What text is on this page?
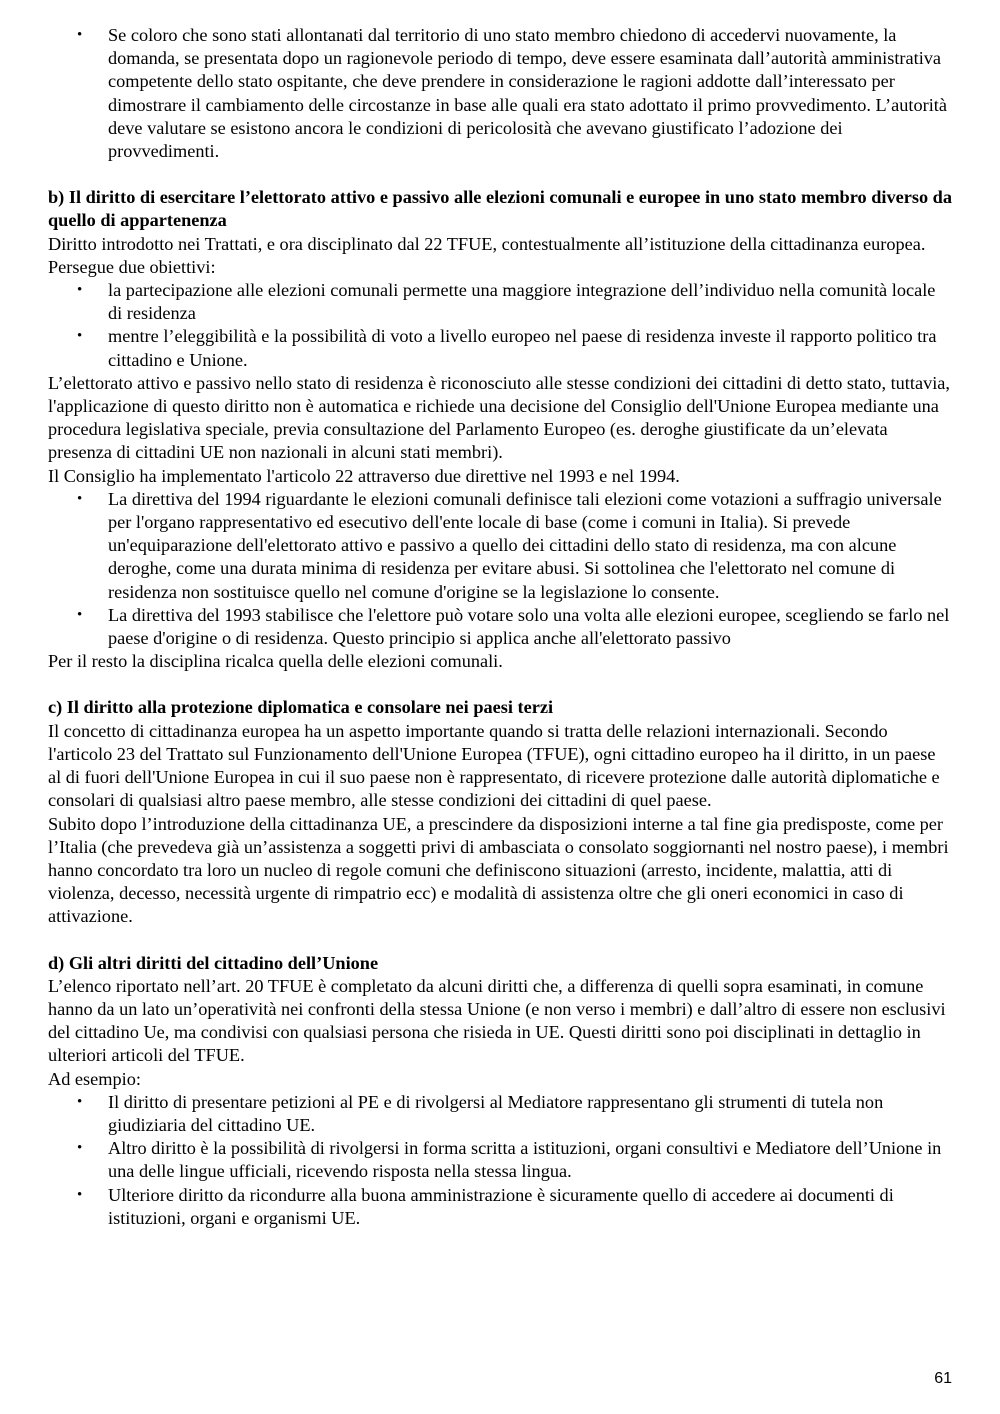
• Se coloro che sono stati allontanati dal territorio di uno stato membro chiedono di accedervi nuovamente, la domanda, se presentata dopo un ragionevole periodo di tempo, deve essere esaminata dall’autorità amministrativa competente dello stato ospitante, che deve prendere in considerazione le ragioni addotte dall’interessato per dimostrare il cambiamento delle circostanze in base alle quali era stato adottato il primo provvedimento. L’autorità deve valutare se esistono ancora le condizioni di pericolosità che avevano giustificato l’adozione dei provvedimenti.
b) Il diritto di esercitare l’elettorato attivo e passivo alle elezioni comunali e europee in uno stato membro diverso da quello di appartenenza

Diritto introdotto nei Trattati, e ora disciplinato dal 22 TFUE, contestualmente all’istituzione della cittadinanza europea. Persegue due obiettivi:

• la partecipazione alle elezioni comunali permette una maggiore integrazione dell’individuo nella comunità locale di residenza
• mentre l’eleggibilità e la possibilità di voto a livello europeo nel paese di residenza investe il rapporto politico tra cittadino e Unione.

L’elettorato attivo e passivo nello stato di residenza è riconosciuto alle stesse condizioni dei cittadini di detto stato, tuttavia, l'applicazione di questo diritto non è automatica e richiede una decisione del Consiglio dell'Unione Europea mediante una procedura legislativa speciale, previa consultazione del Parlamento Europeo (es. deroghe giustificate da un’elevata presenza di cittadini UE non nazionali in alcuni stati membri).

Il Consiglio ha implementato l'articolo 22 attraverso due direttive nel 1993 e nel 1994.

• La direttiva del 1994 riguardante le elezioni comunali definisce tali elezioni come votazioni a suffragio universale per l'organo rappresentativo ed esecutivo dell'ente locale di base (come i comuni in Italia). Si prevede un'equiparazione dell'elettorato attivo e passivo a quello dei cittadini dello stato di residenza, ma con alcune deroghe, come una durata minima di residenza per evitare abusi. Si sottolinea che l'elettorato nel comune di residenza non sostituisce quello nel comune d'origine se la legislazione lo consente.
• La direttiva del 1993 stabilisce che l'elettore può votare solo una volta alle elezioni europee, scegliendo se farlo nel paese d'origine o di residenza. Questo principio si applica anche all'elettorato passivo

Per il resto la disciplina ricalca quella delle elezioni comunali.

c) Il diritto alla protezione diplomatica e consolare nei paesi terzi

Il concetto di cittadinanza europea ha un aspetto importante quando si tratta delle relazioni internazionali. Secondo l'articolo 23 del Trattato sul Funzionamento dell'Unione Europea (TFUE), ogni cittadino europeo ha il diritto, in un paese al di fuori dell'Unione Europea in cui il suo paese non è rappresentato, di ricevere protezione dalle autorità diplomatiche e consolari di qualsiasi altro paese membro, alle stesse condizioni dei cittadini di quel paese.

Subito dopo l’introduzione della cittadinanza UE, a prescindere da disposizioni interne a tal fine gia predisposte, come per l’Italia (che prevedeva già un’assistenza a soggetti privi di ambasciata o consolato soggiornanti nel nostro paese), i membri hanno concordato tra loro un nucleo di regole comuni che definiscono situazioni (arresto, incidente, malattia, atti di violenza, decesso, necessità urgente di rimpatrio ecc) e modalità di assistenza oltre che gli oneri economici in caso di attivazione.

d) Gli altri diritti del cittadino dell’Unione

L’elenco riportato nell’art. 20 TFUE è completato da alcuni diritti che, a differenza di quelli sopra esaminati, in comune hanno da un lato un’operatività nei confronti della stessa Unione (e non verso i membri) e dall’altro di essere non esclusivi del cittadino Ue, ma condivisi con qualsiasi persona che risieda in UE. Questi diritti sono poi disciplinati in dettaglio in ulteriori articoli del TFUE.

Ad esempio:

• Il diritto di presentare petizioni al PE e di rivolgersi al Mediatore rappresentano gli strumenti di tutela non giudiziaria del cittadino UE.
• Altro diritto è la possibilità di rivolgersi in forma scritta a istituzioni, organi consultivi e Mediatore dell’Unione in una delle lingue ufficiali, ricevendo risposta nella stessa lingua.
• Ulteriore diritto da ricondurre alla buona amministrazione è sicuramente quello di accedere ai documenti di istituzioni, organi e organismi UE.
61
